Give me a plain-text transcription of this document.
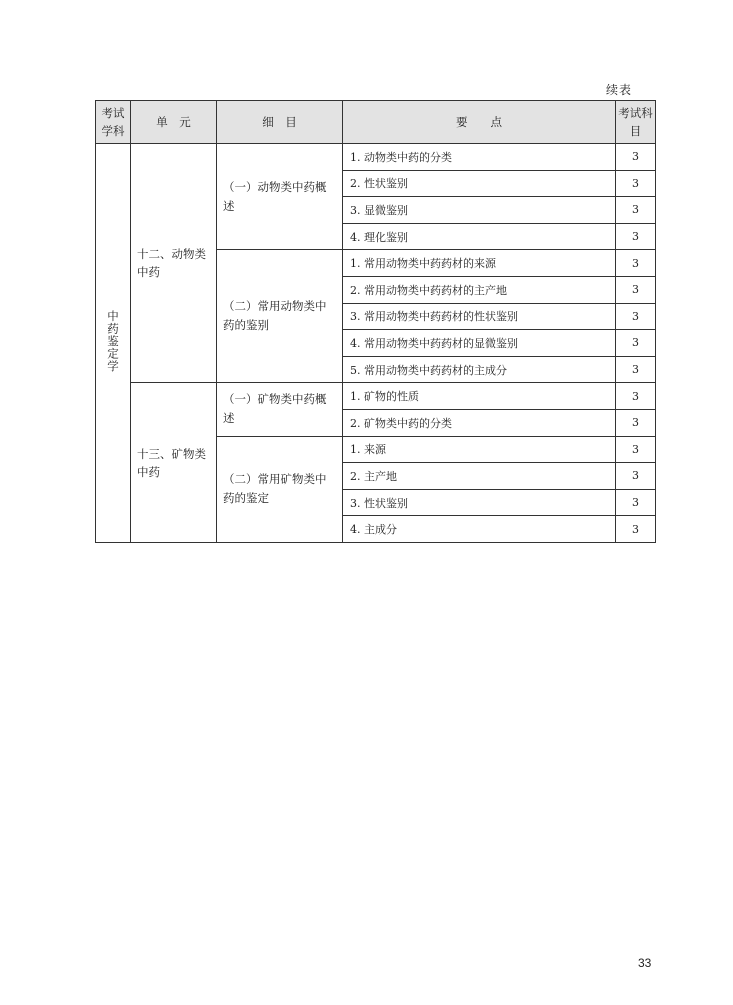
续表
考试学科	单　元	细　目	要　　点	考试科目
中药鉴定学	十二、动物类中药	（一）动物类中药概述	1. 动物类中药的分类	3
			2. 性状鉴别	3
			3. 显微鉴别	3
			4. 理化鉴别	3
		（二）常用动物类中药的鉴别	1. 常用动物类中药药材的来源	3
			2. 常用动物类中药药材的主产地	3
			3. 常用动物类中药药材的性状鉴别	3
			4. 常用动物类中药药材的显微鉴别	3
			5. 常用动物类中药药材的主成分	3
	十三、矿物类中药	（一）矿物类中药概述	1. 矿物的性质	3
			2. 矿物类中药的分类	3
		（二）常用矿物类中药的鉴定	1. 来源	3
			2. 主产地	3
			3. 性状鉴别	3
			4. 主成分	3
33
